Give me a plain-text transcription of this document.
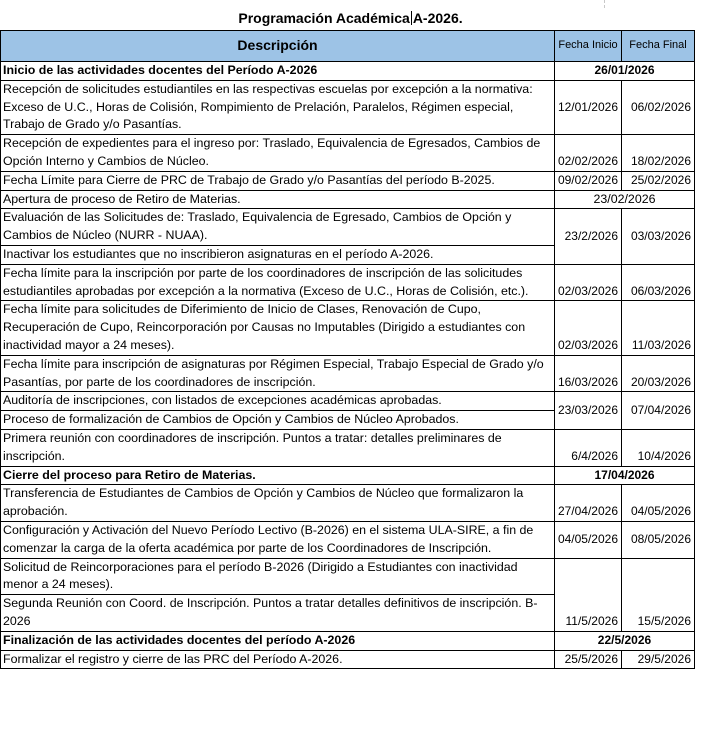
Programación Académica A-2026.
Descripción	Fecha Inicio	Fecha Final
Inicio de las actividades docentes del Período A-2026	26/01/2026	
Recepción de solicitudes estudiantiles en las respectivas escuelas por excepción a la normativa: Exceso de U.C., Horas de Colisión, Rompimiento de Prelación, Paralelos, Régimen especial, Trabajo de Grado y/o Pasantías.	12/01/2026	06/02/2026
Recepción de expedientes para el ingreso por: Traslado, Equivalencia de Egresados, Cambios de Opción Interno y Cambios de Núcleo.	02/02/2026	18/02/2026
Fecha Límite para Cierre de PRC de Trabajo de Grado y/o Pasantías del período B-2025.	09/02/2026	25/02/2026
Apertura de proceso de Retiro de Materias.	23/02/2026	
Evaluación de las Solicitudes de: Traslado, Equivalencia de Egresado, Cambios de Opción y Cambios de Núcleo (NURR - NUAA).	23/2/2026	03/03/2026
Inactivar los estudiantes que no inscribieron asignaturas en el período A-2026.		
Fecha límite para la inscripción por parte de los coordinadores de inscripción de las solicitudes estudiantiles aprobadas por excepción a la normativa (Exceso de U.C., Horas de Colisión, etc.).	02/03/2026	06/03/2026
Fecha límite para solicitudes de Diferimiento de Inicio de Clases, Renovación de Cupo, Recuperación de Cupo, Reincorporación por Causas no Imputables (Dirigido a estudiantes con inactividad mayor a 24 meses).	02/03/2026	11/03/2026
Fecha límite para inscripción de asignaturas por Régimen Especial, Trabajo Especial de Grado y/o Pasantías, por parte de los coordinadores de inscripción.	16/03/2026	20/03/2026
Auditoría de inscripciones, con listados de excepciones académicas aprobadas.	23/03/2026	07/04/2026
Proceso de formalización de Cambios de Opción y Cambios de Núcleo Aprobados.		
Primera reunión con coordinadores de inscripción. Puntos a tratar: detalles preliminares de inscripción.	6/4/2026	10/4/2026
Cierre del proceso para Retiro de Materias.	17/04/2026	
Transferencia de Estudiantes de Cambios de Opción y Cambios de Núcleo que formalizaron la aprobación.	27/04/2026	04/05/2026
Configuración y Activación del Nuevo Período Lectivo (B-2026) en el sistema ULA-SIRE, a fin de comenzar la carga de la oferta académica por parte de los Coordinadores de Inscripción.	04/05/2026	08/05/2026
Solicitud de Reincorporaciones para el período B-2026 (Dirigido a Estudiantes con inactividad menor a 24 meses).	11/5/2026	15/5/2026
Segunda Reunión con Coord. de Inscripción. Puntos a tratar detalles definitivos de inscripción. B-2026		
Finalización de las actividades docentes del período A-2026	22/5/2026	
Formalizar el registro y cierre de las PRC del Período A-2026.	25/5/2026	29/5/2026
